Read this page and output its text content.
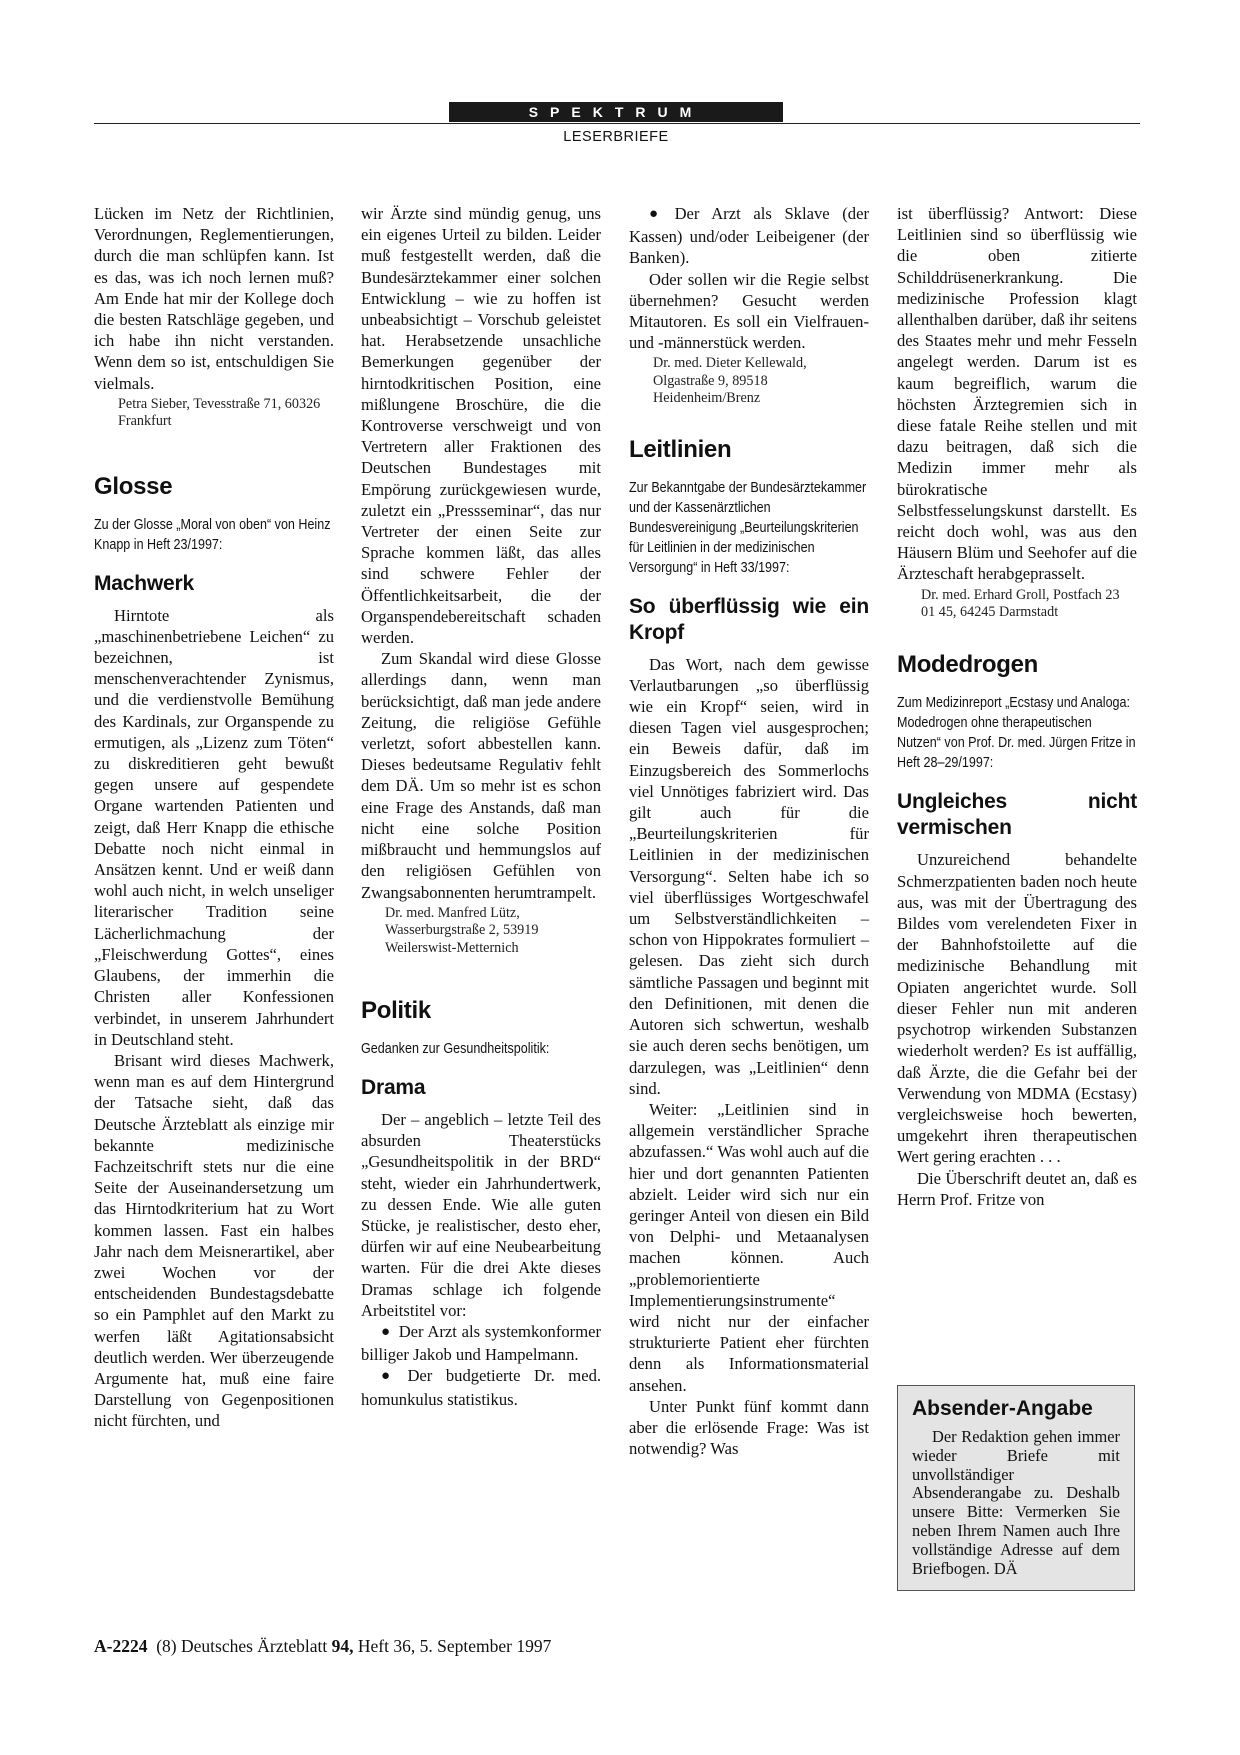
SPEKTRUM
LESERBRIEFE

Lücken im Netz der Richtlinien, Verordnungen, Reglementierungen, durch die man schlüpfen kann. Ist es das, was ich noch lernen muß? Am Ende hat mir der Kollege doch die besten Ratschläge gegeben, und ich habe ihn nicht verstanden. Wenn dem so ist, entschuldigen Sie vielmals.

Petra Sieber, Tevesstraße 71, 60326 Frankfurt

Glosse

Zu der Glosse „Moral von oben“ von Heinz Knapp in Heft 23/1997:

Machwerk

Hirntote als „maschinenbetriebene Leichen“ zu bezeichnen, ist menschenverachtender Zynismus, und die verdienstvolle Bemühung des Kardinals, zur Organspende zu ermutigen, als „Lizenz zum Töten“ zu diskreditieren geht bewußt gegen unsere auf gespendete Organe wartenden Patienten und zeigt, daß Herr Knapp die ethische Debatte noch nicht einmal in Ansätzen kennt. Und er weiß dann wohl auch nicht, in welch unseliger literarischer Tradition seine Lächerlichmachung der „Fleischwerdung Gottes“, eines Glaubens, der immerhin die Christen aller Konfessionen verbindet, in unserem Jahrhundert in Deutschland steht.

Brisant wird dieses Machwerk, wenn man es auf dem Hintergrund der Tatsache sieht, daß das Deutsche Ärzteblatt als einzige mir bekannte medizinische Fachzeitschrift stets nur die eine Seite der Auseinandersetzung um das Hirntodkriterium hat zu Wort kommen lassen. Fast ein halbes Jahr nach dem Meisnerartikel, aber zwei Wochen vor der entscheidenden Bundestagsdebatte so ein Pamphlet auf den Markt zu werfen läßt Agitationsabsicht deutlich werden. Wer überzeugende Argumente hat, muß eine faire Darstellung von Gegenpositionen nicht fürchten, und

wir Ärzte sind mündig genug, uns ein eigenes Urteil zu bilden. Leider muß festgestellt werden, daß die Bundesärztekammer einer solchen Entwicklung – wie zu hoffen ist unbeabsichtigt – Vorschub geleistet hat. Herabsetzende unsachliche Bemerkungen gegenüber der hirntodkritischen Position, eine mißlungene Broschüre, die die Kontroverse verschweigt und von Vertretern aller Fraktionen des Deutschen Bundestages mit Empörung zurückgewiesen wurde, zuletzt ein „Pressseminar“, das nur Vertreter der einen Seite zur Sprache kommen läßt, das alles sind schwere Fehler der Öffentlichkeitsarbeit, die der Organspendebereitschaft schaden werden.

Zum Skandal wird diese Glosse allerdings dann, wenn man berücksichtigt, daß man jede andere Zeitung, die religiöse Gefühle verletzt, sofort abbestellen kann. Dieses bedeutsame Regulativ fehlt dem DÄ. Um so mehr ist es schon eine Frage des Anstands, daß man nicht eine solche Position mißbraucht und hemmungslos auf den religiösen Gefühlen von Zwangsabonnenten herumtrampelt.

Dr. med. Manfred Lütz, Wasserburgstraße 2, 53919 Weilerswist-Metternich

Politik

Gedanken zur Gesundheitspolitik:

Drama

Der – angeblich – letzte Teil des absurden Theaterstücks „Gesundheitspolitik in der BRD“ steht, wieder ein Jahrhundertwerk, zu dessen Ende. Wie alle guten Stücke, je realistischer, desto eher, dürfen wir auf eine Neubearbeitung warten. Für die drei Akte dieses Dramas schlage ich folgende Arbeitstitel vor:

● Der Arzt als systemkonformer billiger Jakob und Hampelmann.

● Der budgetierte Dr. med. homunkulus statistikus.

● Der Arzt als Sklave (der Kassen) und/oder Leibeigener (der Banken).

Oder sollen wir die Regie selbst übernehmen? Gesucht werden Mitautoren. Es soll ein Vielfrauen- und -männerstück werden.

Dr. med. Dieter Kellewald, Olgastraße 9, 89518 Heidenheim/Brenz

Leitlinien

Zur Bekanntgabe der Bundesärztekammer und der Kassenärztlichen Bundesvereinigung „Beurteilungskriterien für Leitlinien in der medizinischen Versorgung“ in Heft 33/1997:

So überflüssig wie ein Kropf

Das Wort, nach dem gewisse Verlautbarungen „so überflüssig wie ein Kropf“ seien, wird in diesen Tagen viel ausgesprochen; ein Beweis dafür, daß im Einzugsbereich des Sommerlochs viel Unnötiges fabriziert wird. Das gilt auch für die „Beurteilungskriterien für Leitlinien in der medizinischen Versorgung“. Selten habe ich so viel überflüssiges Wortgeschwafel um Selbstverständlichkeiten – schon von Hippokrates formuliert – gelesen. Das zieht sich durch sämtliche Passagen und beginnt mit den Definitionen, mit denen die Autoren sich schwertun, weshalb sie auch deren sechs benötigen, um darzulegen, was „Leitlinien“ denn sind.

Weiter: „Leitlinien sind in allgemein verständlicher Sprache abzufassen.“ Was wohl auch auf die hier und dort genannten Patienten abzielt. Leider wird sich nur ein geringer Anteil von diesen ein Bild von Delphi- und Metaanalysen machen können. Auch „problemorientierte Implementierungsinstrumente“ wird nicht nur der einfacher strukturierte Patient eher fürchten denn als Informationsmaterial ansehen.

Unter Punkt fünf kommt dann aber die erlösende Frage: Was ist notwendig? Was

ist überflüssig? Antwort: Diese Leitlinien sind so überflüssig wie die oben zitierte Schilddrüsenerkrankung. Die medizinische Profession klagt allenthalben darüber, daß ihr seitens des Staates mehr und mehr Fesseln angelegt werden. Darum ist es kaum begreiflich, warum die höchsten Ärztegremien sich in diese fatale Reihe stellen und mit dazu beitragen, daß sich die Medizin immer mehr als bürokratische Selbstfesselungskunst darstellt. Es reicht doch wohl, was aus den Häusern Blüm und Seehofer auf die Ärzteschaft herabgeprasselt.

Dr. med. Erhard Groll, Postfach 23 01 45, 64245 Darmstadt

Modedrogen

Zum Medizinreport „Ecstasy und Analoga: Modedrogen ohne therapeutischen Nutzen“ von Prof. Dr. med. Jürgen Fritze in Heft 28–29/1997:

Ungleiches nicht vermischen

Unzureichend behandelte Schmerzpatienten baden noch heute aus, was mit der Übertragung des Bildes vom verelendeten Fixer in der Bahnhofstoilette auf die medizinische Behandlung mit Opiaten angerichtet wurde. Soll dieser Fehler nun mit anderen psychotrop wirkenden Substanzen wiederholt werden? Es ist auffällig, daß Ärzte, die die Gefahr bei der Verwendung von MDMA (Ecstasy) vergleichsweise hoch bewerten, umgekehrt ihren therapeutischen Wert gering erachten . . .

Die Überschrift deutet an, daß es Herrn Prof. Fritze von

Absender-Angabe

Der Redaktion gehen immer wieder Briefe mit unvollständiger Absenderangabe zu. Deshalb unsere Bitte: Vermerken Sie neben Ihrem Namen auch Ihre vollständige Adresse auf dem Briefbogen. DÄ

A-2224 (8) Deutsches Ärzteblatt 94, Heft 36, 5. September 1997
